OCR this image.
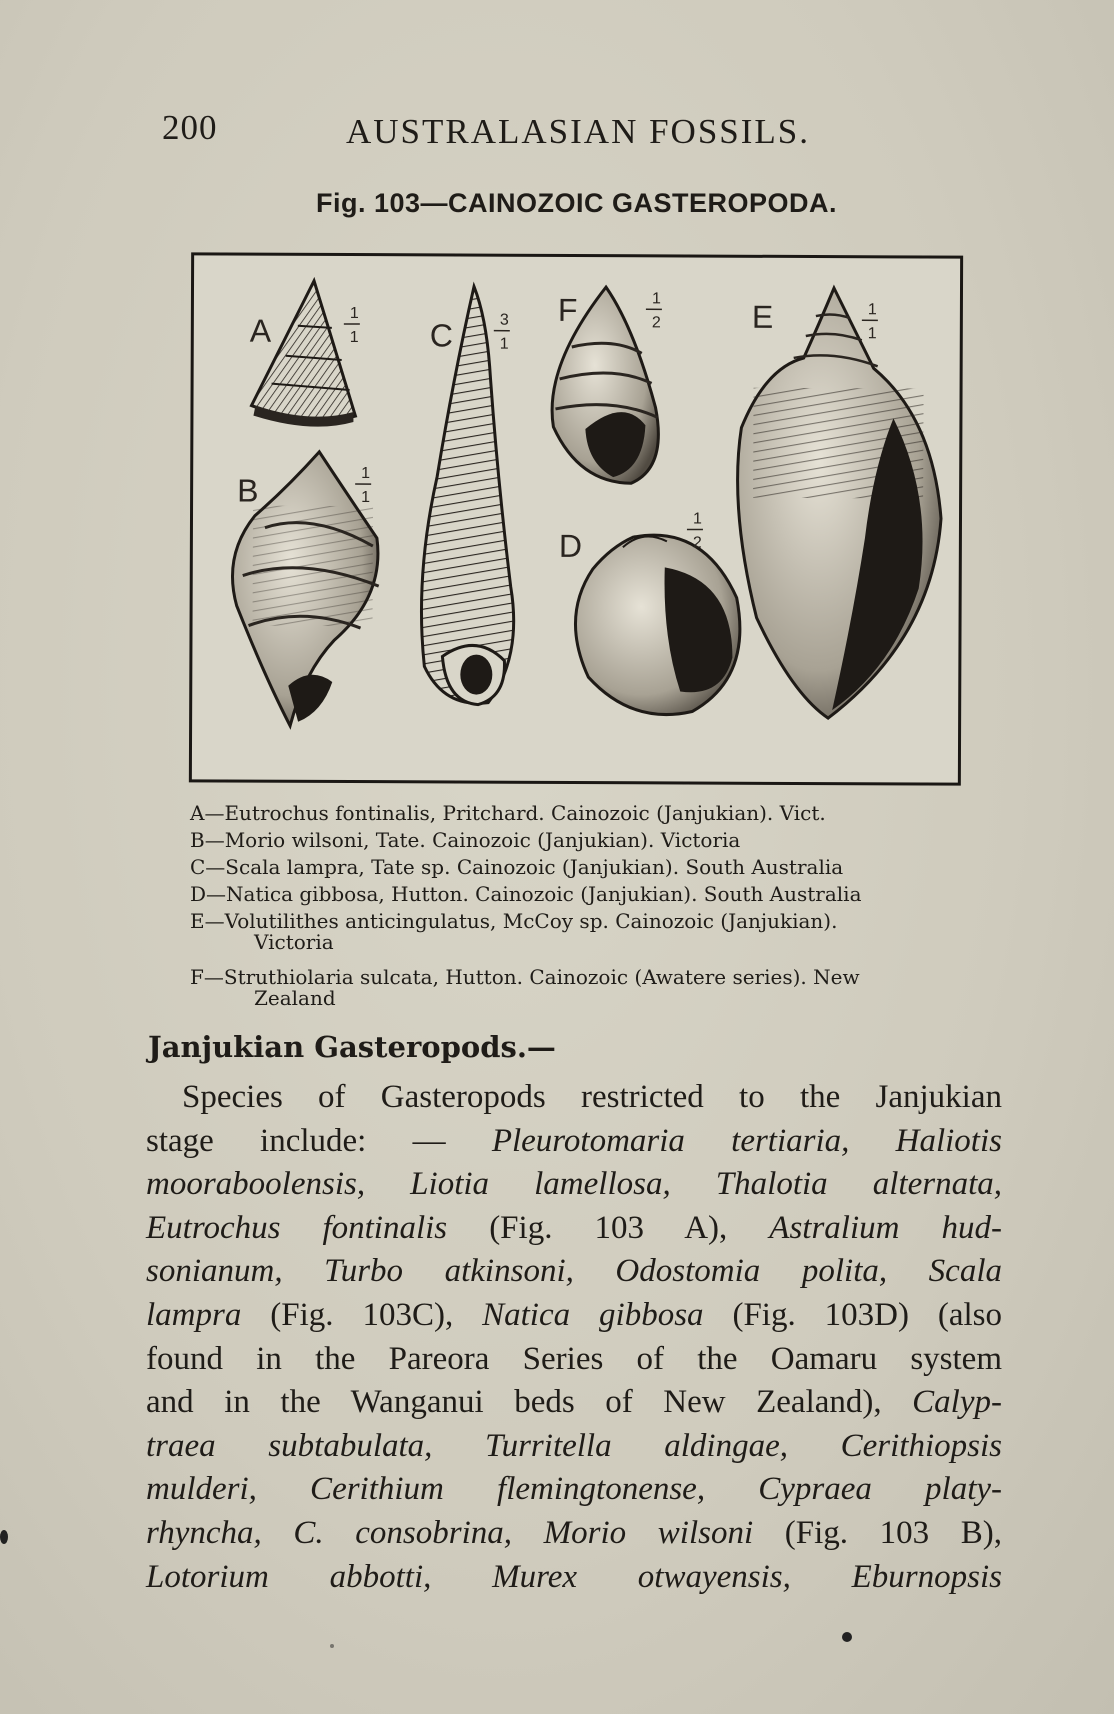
200	AUSTRALASIAN FOSSILS.
Fig. 103—CAINOZOIC GASTEROPODA.
A	1
1
B	1
1
C	3
1
F	1
2
D
1
2
E	1
1
A—Eutrochus fontinalis, Pritchard. Cainozoic (Janjukian). Vict.
B—Morio wilsoni, Tate. Cainozoic (Janjukian). Victoria
C—Scala lampra, Tate sp. Cainozoic (Janjukian). South Australia
D—Natica gibbosa, Hutton. Cainozoic (Janjukian). South Australia
E—Volutilithes anticingulatus, McCoy sp. Cainozoic (Janjukian).
Victoria
F—Struthiolaria sulcata, Hutton. Cainozoic (Awatere series). New
Zealand
Janjukian Gasteropods.—
Species of Gasteropods restricted to the Janjukian
stage include: — Pleurotomaria tertiaria, Haliotis
mooraboolensis, Liotia lamellosa, Thalotia alternata,
Eutrochus fontinalis (Fig. 103 A), Astralium hud-
sonianum, Turbo atkinsoni, Odostomia polita, Scala
lampra (Fig. 103C), Natica gibbosa (Fig. 103D) (also
found in the Pareora Series of the Oamaru system
and in the Wanganui beds of New Zealand), Calyp-
traea subtabulata, Turritella aldingae, Cerithiopsis
mulderi, Cerithium flemingtonense, Cypraea platy-
rhyncha, C. consobrina, Morio wilsoni (Fig. 103 B),
Lotorium abbotti, Murex otwayensis, Eburnopsis
